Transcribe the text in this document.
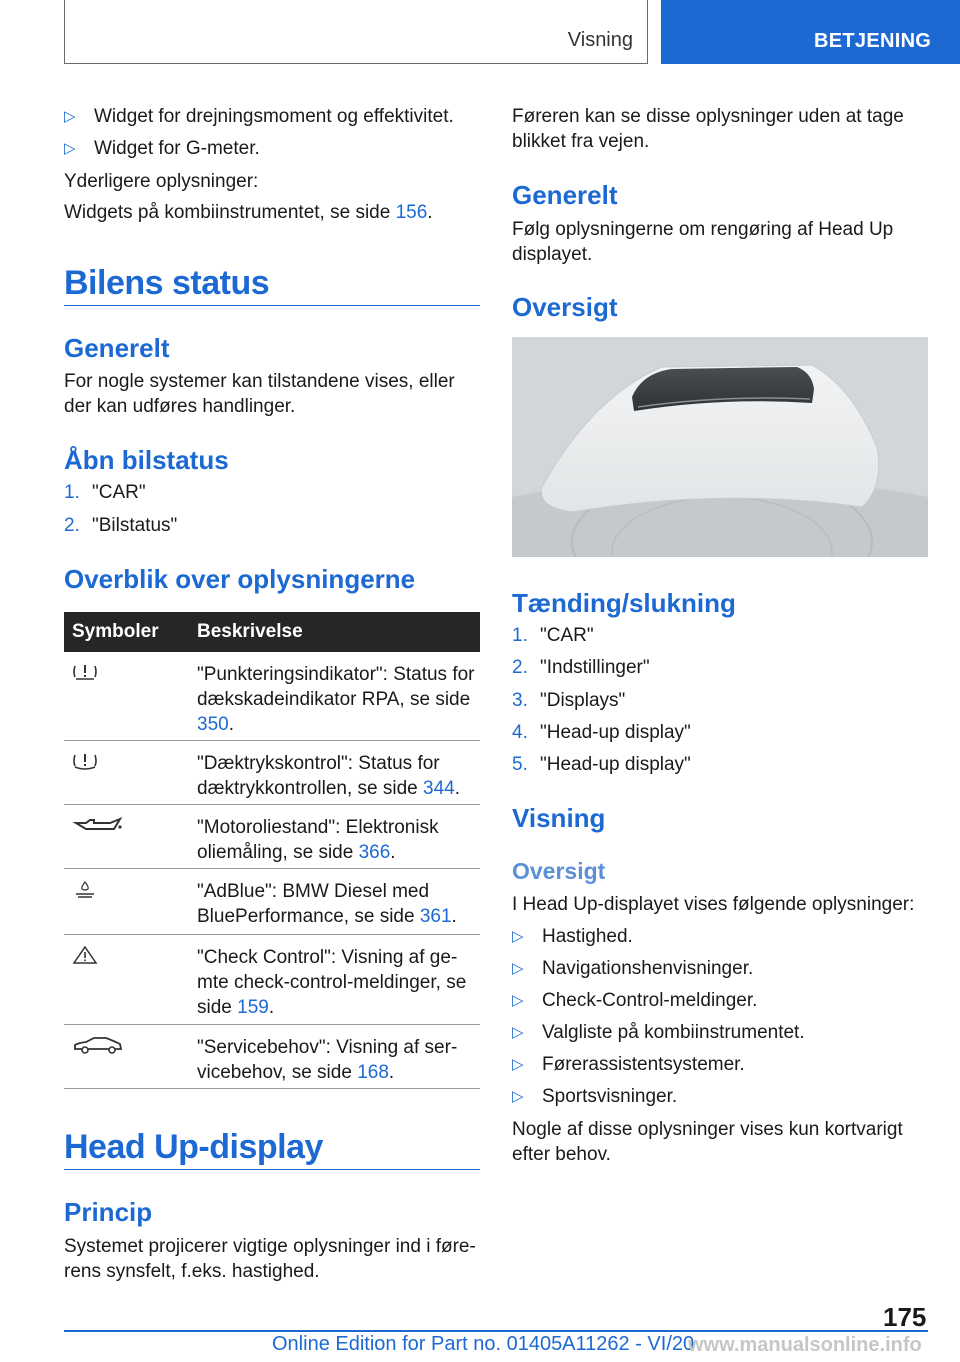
Visning	BETJENING
▷ Widget for drejningsmoment og effektivitet.
▷ Widget for G-meter.
Yderligere oplysninger:
Widgets på kombiinstrumentet, se side 156.
Bilens status
Generelt
For nogle systemer kan tilstandene vises, eller der kan udføres handlinger.
Åbn bilstatus
1. "CAR"
2. "Bilstatus"
Overblik over oplysningerne
Symboler Beskrivelse
"Punkteringsindikator": Status for dækskadeindikator RPA, se side 350.
"Dæktrykskontrol": Status for dæktrykkontrollen, se side 344.
"Motoroliestand": Elektronisk oliemåling, se side 366.
"AdBlue": BMW Diesel med BluePerformance, se side 361.
"Check Control": Visning af ge-mte check-control-meldinger, se side 159.
"Servicebehov": Visning af ser-vicebehov, se side 168.
Head Up-display
Princip
Systemet projicerer vigtige oplysninger ind i føre-rens synsfelt, f.eks. hastighed.
Føreren kan se disse oplysninger uden at tage blikket fra vejen.
Generelt
Følg oplysningerne om rengøring af Head Up displayet.
Oversigt
Tænding/slukning
1. "CAR"
2. "Indstillinger"
3. "Displays"
4. "Head-up display"
5. "Head-up display"
Visning
Oversigt
I Head Up-displayet vises følgende oplysninger:
▷ Hastighed.
▷ Navigationshenvisninger.
▷ Check-Control-meldinger.
▷ Valgliste på kombiinstrumentet.
▷ Førerassistentsystemer.
▷ Sportsvisninger.
Nogle af disse oplysninger vises kun kortvarigt efter behov.
175
Online Edition for Part no. 01405A11262 - VI/20
www.manualsonline.info
